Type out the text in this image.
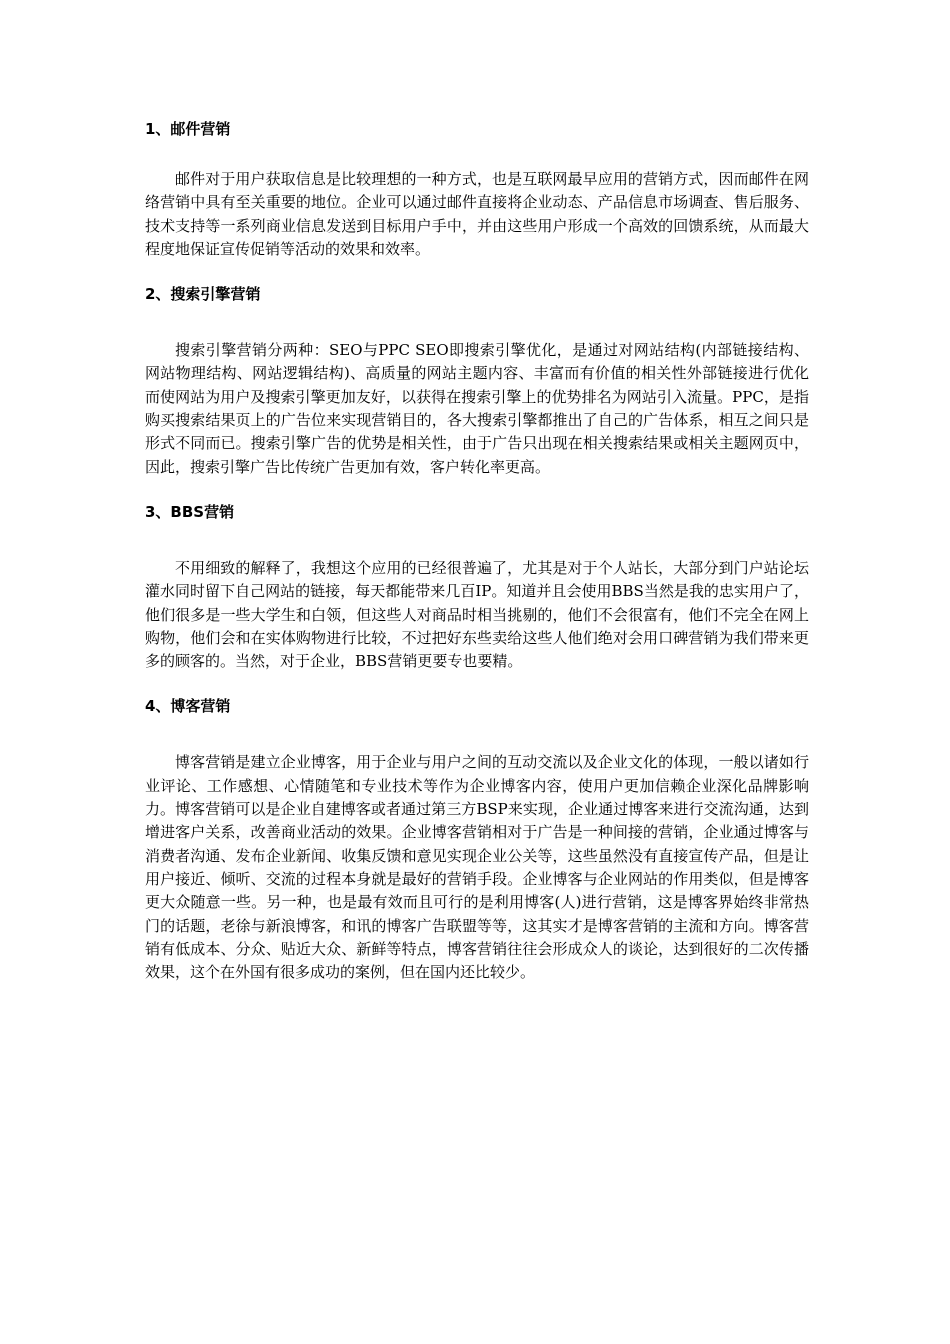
1、邮件营销

邮件对于用户获取信息是比较理想的一种方式，也是互联网最早应用的营销方式，因而邮件在网络营销中具有至关重要的地位。企业可以通过邮件直接将企业动态、产品信息市场调查、售后服务、技术支持等一系列商业信息发送到目标用户手中，并由这些用户形成一个高效的回馈系统，从而最大程度地保证宣传促销等活动的效果和效率。

2、搜索引擎营销

搜索引擎营销分两种：SEO与PPC SEO即搜索引擎优化，是通过对网站结构(内部链接结构、网站物理结构、网站逻辑结构)、高质量的网站主题内容、丰富而有价值的相关性外部链接进行优化而使网站为用户及搜索引擎更加友好，以获得在搜索引擎上的优势排名为网站引入流量。PPC，是指购买搜索结果页上的广告位来实现营销目的，各大搜索引擎都推出了自己的广告体系，相互之间只是形式不同而已。搜索引擎广告的优势是相关性，由于广告只出现在相关搜索结果或相关主题网页中，因此，搜索引擎广告比传统广告更加有效，客户转化率更高。

3、BBS营销

不用细致的解释了，我想这个应用的已经很普遍了，尤其是对于个人站长，大部分到门户站论坛灌水同时留下自己网站的链接，每天都能带来几百IP。知道并且会使用BBS当然是我的忠实用户了，他们很多是一些大学生和白领，但这些人对商品时相当挑剔的，他们不会很富有，他们不完全在网上购物，他们会和在实体购物进行比较，不过把好东些卖给这些人他们绝对会用口碑营销为我们带来更多的顾客的。当然，对于企业，BBS营销更要专也要精。

4、博客营销

博客营销是建立企业博客，用于企业与用户之间的互动交流以及企业文化的体现，一般以诸如行业评论、工作感想、心情随笔和专业技术等作为企业博客内容，使用户更加信赖企业深化品牌影响力。博客营销可以是企业自建博客或者通过第三方BSP来实现，企业通过博客来进行交流沟通，达到增进客户关系，改善商业活动的效果。企业博客营销相对于广告是一种间接的营销，企业通过博客与消费者沟通、发布企业新闻、收集反馈和意见实现企业公关等，这些虽然没有直接宣传产品，但是让用户接近、倾听、交流的过程本身就是最好的营销手段。企业博客与企业网站的作用类似，但是博客更大众随意一些。另一种，也是最有效而且可行的是利用博客(人)进行营销，这是博客界始终非常热门的话题，老徐与新浪博客，和讯的博客广告联盟等等，这其实才是博客营销的主流和方向。博客营销有低成本、分众、贴近大众、新鲜等特点，博客营销往往会形成众人的谈论，达到很好的二次传播效果，这个在外国有很多成功的案例，但在国内还比较少。
